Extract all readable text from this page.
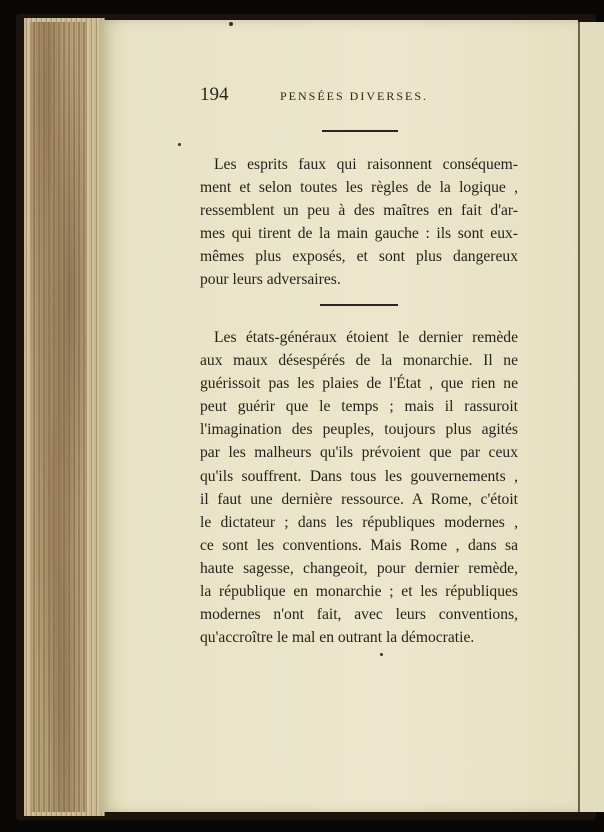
194	PENSÉES DIVERSES.

Les esprits faux qui raisonnent conséquem-
ment et selon toutes les règles de la logique ,
ressemblent un peu à des maîtres en fait d'ar-
mes qui tirent de la main gauche : ils sont eux-
mêmes plus exposés, et sont plus dangereux
pour leurs adversaires.

Les états-généraux étoient le dernier remède
aux maux désespérés de la monarchie. Il ne
guérissoit pas les plaies de l'État , que rien ne
peut guérir que le temps ; mais il rassuroit
l'imagination des peuples, toujours plus agités
par les malheurs qu'ils prévoient que par ceux
qu'ils souffrent. Dans tous les gouvernements ,
il faut une dernière ressource. A Rome, c'étoit
le dictateur ; dans les républiques modernes ,
ce sont les conventions. Mais Rome , dans sa
haute sagesse, changeoit, pour dernier remède,
la république en monarchie ; et les républiques
modernes n'ont fait, avec leurs conventions,
qu'accroître le mal en outrant la démocratie.
